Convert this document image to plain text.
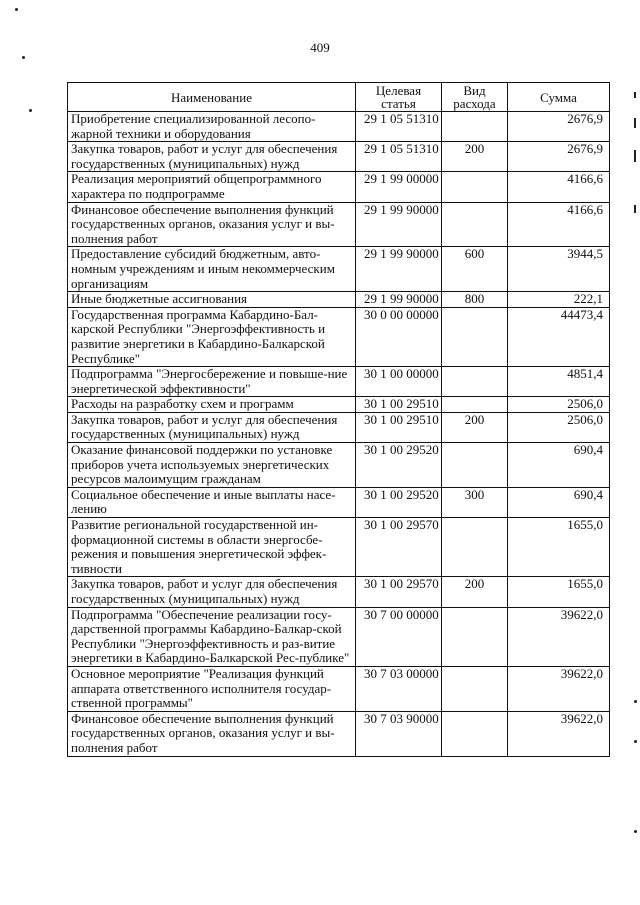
409
Наименование	Целевая статья	Вид расхода	Сумма
Приобретение специализированной лесопо-жарной техники и оборудования	29 1 05 51310		2676,9
Закупка товаров, работ и услуг для обеспечения государственных (муниципальных) нужд	29 1 05 51310	200	2676,9
Реализация мероприятий общепрограммного характера по подпрограмме	29 1 99 00000		4166,6
Финансовое обеспечение выполнения функций государственных органов, оказания услуг и вы-полнения работ	29 1 99 90000		4166,6
Предоставление субсидий бюджетным, авто-номным учреждениям и иным некоммерческим организациям	29 1 99 90000	600	3944,5
Иные бюджетные ассигнования	29 1 99 90000	800	222,1
Государственная программа Кабардино-Бал-карской Республики "Энергоэффективность и развитие энергетики в Кабардино-Балкарской Республике"	30 0 00 00000		44473,4
Подпрограмма "Энергосбережение и повыше-ние энергетической эффективности"	30 1 00 00000		4851,4
Расходы на разработку схем и программ	30 1 00 29510		2506,0
Закупка товаров, работ и услуг для обеспечения государственных (муниципальных) нужд	30 1 00 29510	200	2506,0
Оказание финансовой поддержки по установке приборов учета используемых энергетических ресурсов малоимущим гражданам	30 1 00 29520		690,4
Социальное обеспечение и иные выплаты насе-лению	30 1 00 29520	300	690,4
Развитие региональной государственной ин-формационной системы в области энергосбе-режения и повышения энергетической эффек-тивности	30 1 00 29570		1655,0
Закупка товаров, работ и услуг для обеспечения государственных (муниципальных) нужд	30 1 00 29570	200	1655,0
Подпрограмма "Обеспечение реализации госу-дарственной программы Кабардино-Балкар-ской Республики "Энергоэффективность и раз-витие энергетики в Кабардино-Балкарской Рес-публике"	30 7 00 00000		39622,0
Основное мероприятие "Реализация функций аппарата ответственного исполнителя государ-ственной программы"	30 7 03 00000		39622,0
Финансовое обеспечение выполнения функций государственных органов, оказания услуг и вы-полнения работ	30 7 03 90000		39622,0
